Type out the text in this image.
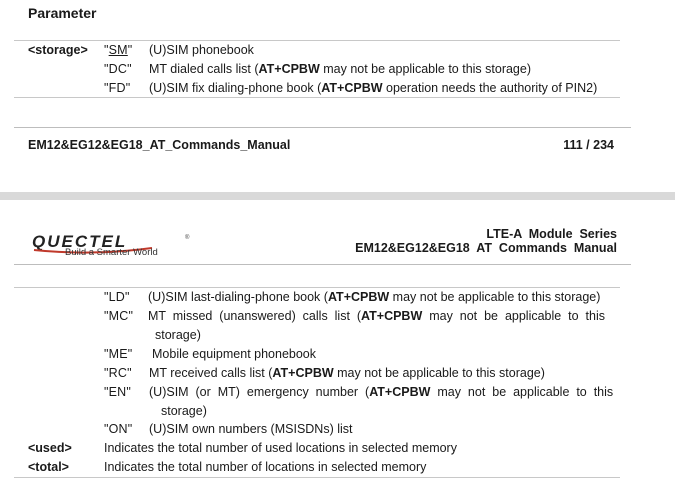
Parameter
<storage> "SM" (U)SIM phonebook
"DC" MT dialed calls list (AT+CPBW may not be applicable to this storage)
"FD" (U)SIM fix dialing-phone book (AT+CPBW operation needs the authority of PIN2)
EM12&EG12&EG18_AT_Commands_Manual	111 / 234
QUECTEL	®
Build a Smarter World
LTE-A  Module  Series
EM12&EG12&EG18  AT  Commands  Manual
"LD" (U)SIM last-dialing-phone book (AT+CPBW may not be applicable to this storage)
"MC" MT  missed  (unanswered)  calls  list  (AT+CPBW  may  not  be  applicable  to  this
storage)
"ME" Mobile equipment phonebook
"RC" MT received calls list (AT+CPBW may not be applicable to this storage)
"EN" (U)SIM  (or  MT)  emergency  number  (AT+CPBW  may  not  be  applicable  to  this
storage)
"ON" (U)SIM own numbers (MSISDNs) list
<used>	Indicates the total number of used locations in selected memory
<total>	Indicates the total number of locations in selected memory
